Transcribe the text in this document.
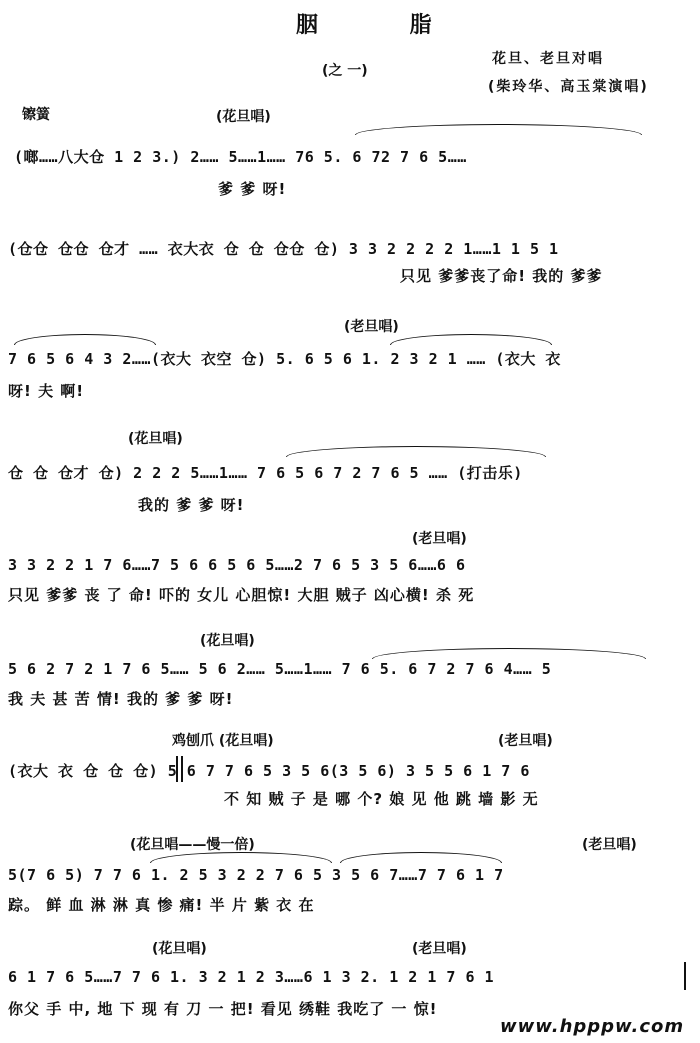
胭 脂
(之 一)
花旦、老旦对唱
(柴玲华、高玉棠演唱)
镲簧	(花旦唱)
(啷……八大仓 1 2 3.) 2…… 5……1…… 76 5. 6 72 7 6 5……
爹 爹 呀!
(仓仓 仓仓 仓才 …… 衣大衣 仓 仓 仓仓 仓) 3 3 2 2 2 2 1……1 1 5 1
只见 爹爹丧了命! 我的 爹爹
(老旦唱)
7 6 5 6 4 3 2……(衣大 衣空 仓) 5. 6 5 6 1. 2 3 2 1 …… (衣大 衣
呀! 夫 啊!
(花旦唱)
仓 仓 仓才 仓) 2 2 2 5……1…… 7 6 5 6 7 2 7 6 5 …… (打击乐)
我的 爹 爹 呀!
(老旦唱)
3 3 2 2 1 7 6……7 5 6 6 5 6 5……2 7 6 5 3 5 6……6 6
只见 爹爹 丧 了 命! 吓的 女儿 心胆惊! 大胆 贼子 凶心横! 杀 死
(花旦唱)
5 6 2 7 2 1 7 6 5…… 5 6 2…… 5……1…… 7 6 5. 6 7 2 7 6 4…… 5
我 夫 甚 苦 情! 我的 爹 爹 呀!
鸡刨爪 (花旦唱)	(老旦唱)
(衣大 衣 仓 仓 仓) 5 6 7 7 6 5 3 5 6(3 5 6) 3 5 5 6 1 7 6
不 知 贼 子 是 哪 个? 娘 见 他 跳 墙 影 无
(花旦唱——慢一倍)	(老旦唱)
5(7 6 5) 7 7 6 1. 2 5 3 2 2 7 6 5 3 5 6 7……7 7 6 1 7
踪。 鲜 血 淋 淋 真 惨 痛! 半 片 紫 衣 在
(花旦唱)	(老旦唱)
6 1 7 6 5……7 7 6 1. 3 2 1 2 3……6 1 3 2. 1 2 1 7 6 1
你父 手 中, 地 下 现 有 刀 一 把! 看见 绣鞋 我吃了 一 惊!
www.hpppw.com
